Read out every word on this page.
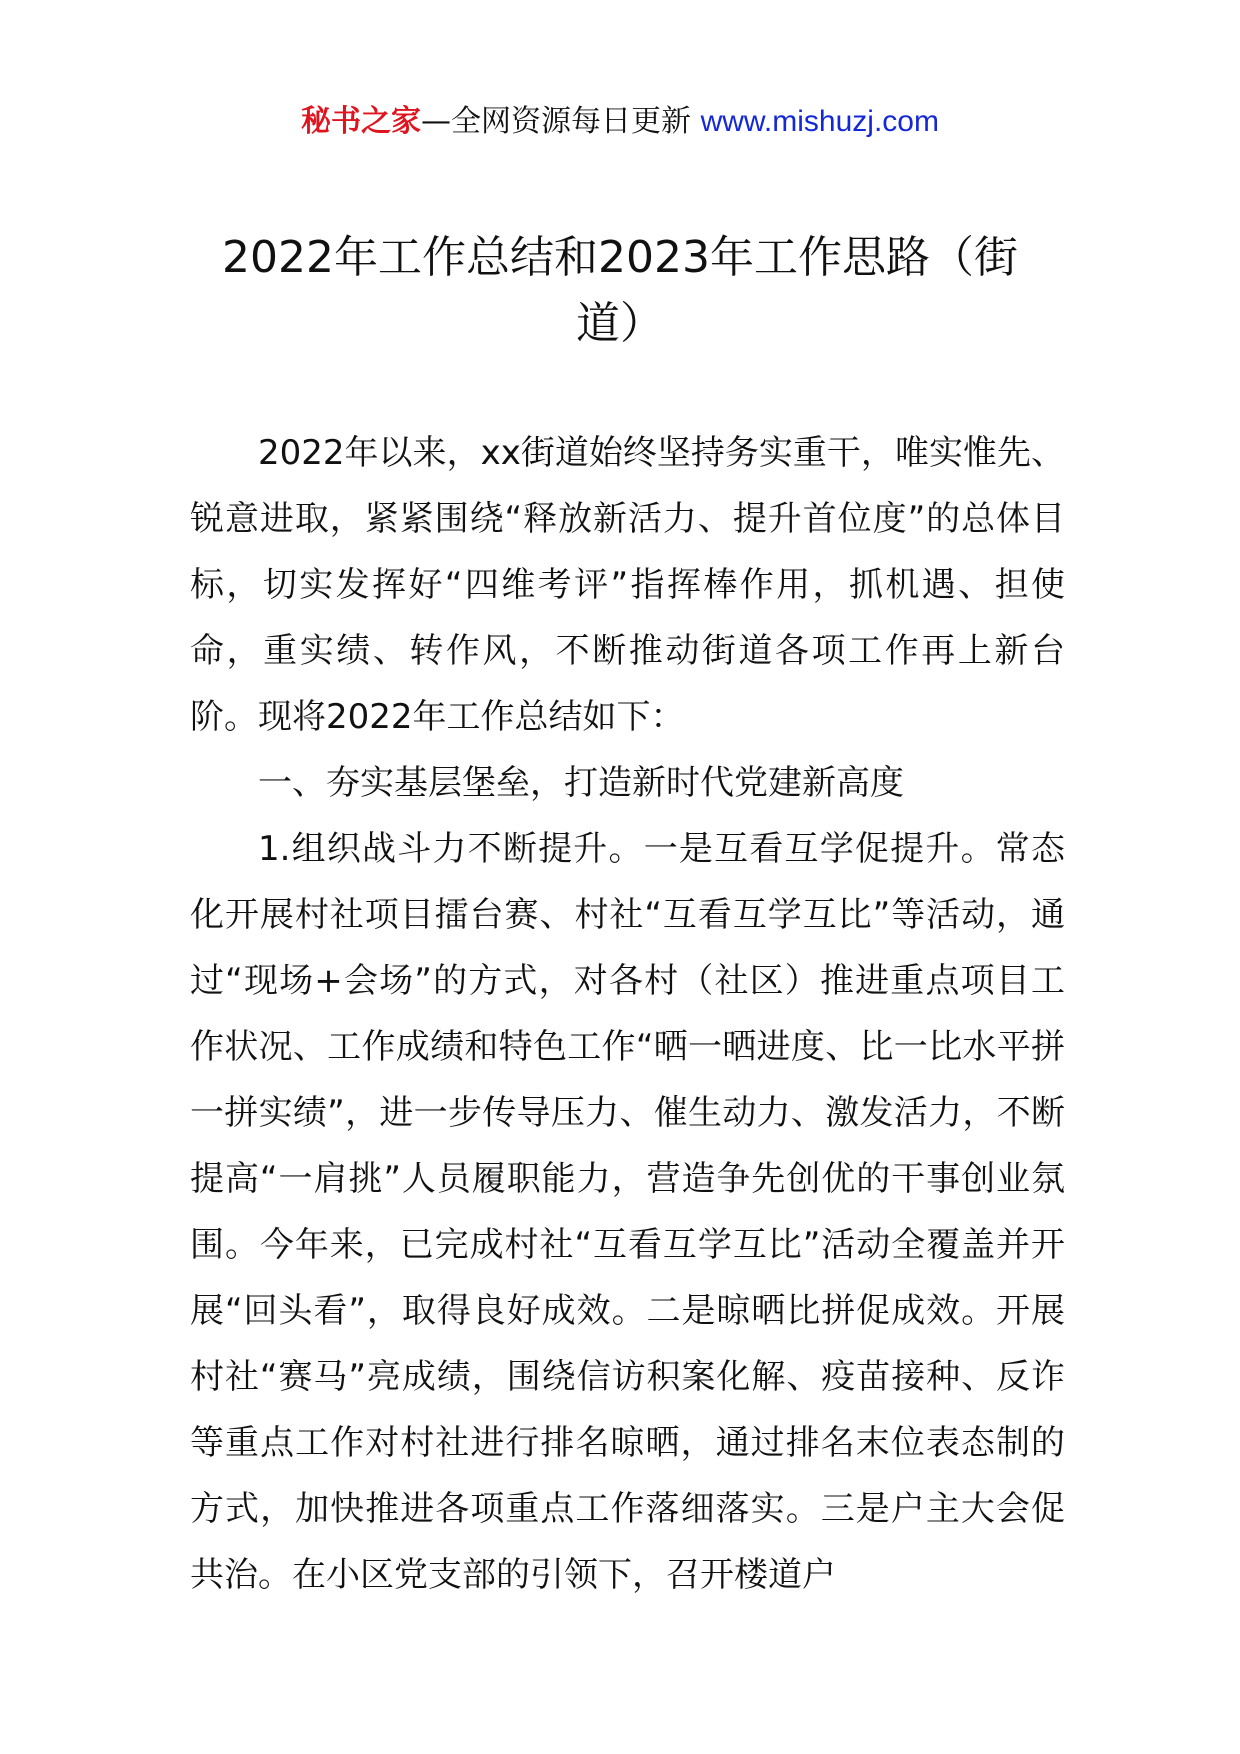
秘书之家—全网资源每日更新 www.mishuzj.com
2022年工作总结和2023年工作思路（街道）

2022年以来，xx街道始终坚持务实重干，唯实惟先、锐意进取，紧紧围绕“释放新活力、提升首位度”的总体目标，切实发挥好“四维考评”指挥棒作用，抓机遇、担使命，重实绩、转作风，不断推动街道各项工作再上新台阶。现将2022年工作总结如下：

一、夯实基层堡垒，打造新时代党建新高度

1.组织战斗力不断提升。一是互看互学促提升。常态化开展村社项目擂台赛、村社“互看互学互比”等活动，通过“现场+会场”的方式，对各村（社区）推进重点项目工作状况、工作成绩和特色工作“晒一晒进度、比一比水平拼一拼实绩”，进一步传导压力、催生动力、激发活力，不断提高“一肩挑”人员履职能力，营造争先创优的干事创业氛围。今年来，已完成村社“互看互学互比”活动全覆盖并开展“回头看”，取得良好成效。二是晾晒比拼促成效。开展村社“赛马”亮成绩，围绕信访积案化解、疫苗接种、反诈等重点工作对村社进行排名晾晒，通过排名末位表态制的方式，加快推进各项重点工作落细落实。三是户主大会促共治。在小区党支部的引领下，召开楼道户
